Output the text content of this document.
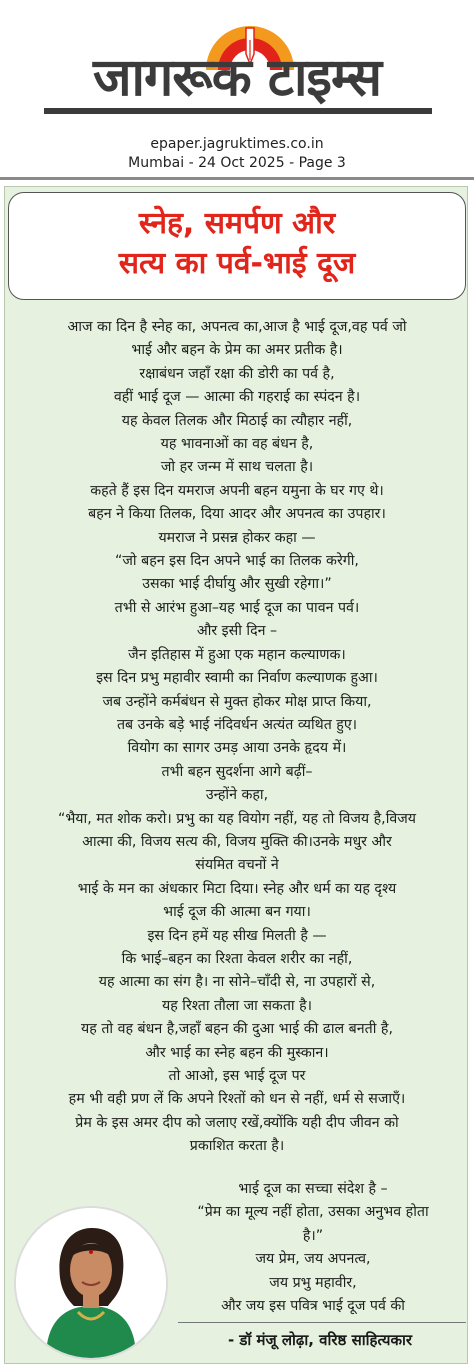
जागरूक टाइम्स
epaper.jagruktimes.co.in
Mumbai - 24 Oct 2025 - Page 3
स्नेह, समर्पण और
सत्य का पर्व-भाई दूज
आज का दिन है स्नेह का, अपनत्व का,आज है भाई दूज,वह पर्व जो
भाई और बहन के प्रेम का अमर प्रतीक है।
रक्षाबंधन जहाँ रक्षा की डोरी का पर्व है,
वहीं भाई दूज — आत्मा की गहराई का स्पंदन है।
यह केवल तिलक और मिठाई का त्यौहार नहीं,
यह भावनाओं का वह बंधन है,
जो हर जन्म में साथ चलता है।
कहते हैं इस दिन यमराज अपनी बहन यमुना के घर गए थे।
बहन ने किया तिलक, दिया आदर और अपनत्व का उपहार।
यमराज ने प्रसन्न होकर कहा —
“जो बहन इस दिन अपने भाई का तिलक करेगी,
उसका भाई दीर्घायु और सुखी रहेगा।”
तभी से आरंभ हुआ–यह भाई दूज का पावन पर्व।
और इसी दिन –
जैन इतिहास में हुआ एक महान कल्याणक।
इस दिन प्रभु महावीर स्वामी का निर्वाण कल्याणक हुआ।
जब उन्होंने कर्मबंधन से मुक्त होकर मोक्ष प्राप्त किया,
तब उनके बड़े भाई नंदिवर्धन अत्यंत व्यथित हुए।
वियोग का सागर उमड़ आया उनके हृदय में।
तभी बहन सुदर्शना आगे बढ़ीं–
उन्होंने कहा,
“भैया, मत शोक करो। प्रभु का यह वियोग नहीं, यह तो विजय है,विजय
आत्मा की, विजय सत्य की, विजय मुक्ति की।उनके मधुर और
संयमित वचनों ने
भाई के मन का अंधकार मिटा दिया। स्नेह और धर्म का यह दृश्य
भाई दूज की आत्मा बन गया।
इस दिन हमें यह सीख मिलती है —
कि भाई–बहन का रिश्ता केवल शरीर का नहीं,
यह आत्मा का संग है। ना सोने–चाँदी से, ना उपहारों से,
यह रिश्ता तौला जा सकता है।
यह तो वह बंधन है,जहाँ बहन की दुआ भाई की ढाल बनती है,
और भाई का स्नेह बहन की मुस्कान।
तो आओ, इस भाई दूज पर
हम भी वही प्रण लें कि अपने रिश्तों को धन से नहीं, धर्म से सजाएँ।
प्रेम के इस अमर दीप को जलाए रखें,क्योंकि यही दीप जीवन को
प्रकाशित करता है।
भाई दूज का सच्चा संदेश है –
“प्रेम का मूल्य नहीं होता, उसका अनुभव होता
है।”
जय प्रेम, जय अपनत्व,
जय प्रभु महावीर,
और जय इस पवित्र भाई दूज पर्व की
- डॉ मंजू लोढ़ा, वरिष्ठ साहित्यकार
